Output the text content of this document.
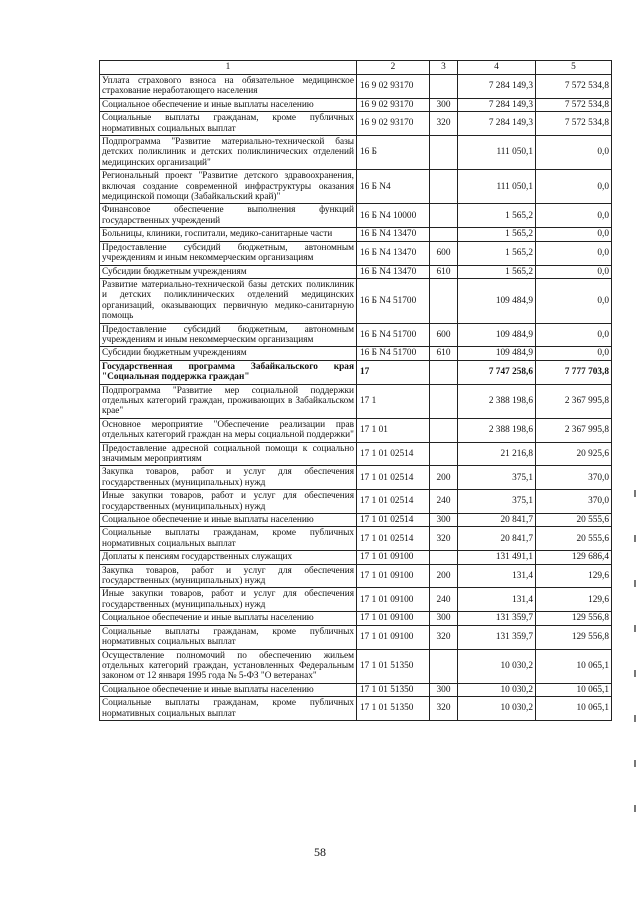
1	2	3	4	5
Уплата страхового взноса на обязательное медицинское страхование неработающего населения	16 9 02 93170		7 284 149,3	7 572 534,8
Социальное обеспечение и иные выплаты населению	16 9 02 93170	300	7 284 149,3	7 572 534,8
Социальные выплаты гражданам, кроме публичных нормативных социальных выплат	16 9 02 93170	320	7 284 149,3	7 572 534,8
Подпрограмма "Развитие материально-технической базы детских поликлиник и детских поликлинических отделений медицинских организаций"	16 Б		111 050,1	0,0
Региональный проект "Развитие детского здравоохранения, включая создание современной инфраструктуры оказания медицинской помощи (Забайкальский край)"	16 Б N4		111 050,1	0,0
Финансовое обеспечение выполнения функций государственных учреждений	16 Б N4 10000		1 565,2	0,0
Больницы, клиники, госпитали, медико-санитарные части	16 Б N4 13470		1 565,2	0,0
Предоставление субсидий бюджетным, автономным учреждениям и иным некоммерческим организациям	16 Б N4 13470	600	1 565,2	0,0
Субсидии бюджетным учреждениям	16 Б N4 13470	610	1 565,2	0,0
Развитие материально-технической базы детских поликлиник и детских поликлинических отделений медицинских организаций, оказывающих первичную медико-санитарную помощь	16 Б N4 51700		109 484,9	0,0
Предоставление субсидий бюджетным, автономным учреждениям и иным некоммерческим организациям	16 Б N4 51700	600	109 484,9	0,0
Субсидии бюджетным учреждениям	16 Б N4 51700	610	109 484,9	0,0
Государственная программа Забайкальского края "Социальная поддержка граждан"	17		7 747 258,6	7 777 703,8
Подпрограмма "Развитие мер социальной поддержки отдельных категорий граждан, проживающих в Забайкальском крае"	17 1		2 388 198,6	2 367 995,8
Основное мероприятие "Обеспечение реализации прав отдельных категорий граждан на меры социальной поддержки"	17 1 01		2 388 198,6	2 367 995,8
Предоставление адресной социальной помощи к социально значимым мероприятиям	17 1 01 02514		21 216,8	20 925,6
Закупка товаров, работ и услуг для обеспечения государственных (муниципальных) нужд	17 1 01 02514	200	375,1	370,0
Иные закупки товаров, работ и услуг для обеспечения государственных (муниципальных) нужд	17 1 01 02514	240	375,1	370,0
Социальное обеспечение и иные выплаты населению	17 1 01 02514	300	20 841,7	20 555,6
Социальные выплаты гражданам, кроме публичных нормативных социальных выплат	17 1 01 02514	320	20 841,7	20 555,6
Доплаты к пенсиям государственных служащих	17 1 01 09100		131 491,1	129 686,4
Закупка товаров, работ и услуг для обеспечения государственных (муниципальных) нужд	17 1 01 09100	200	131,4	129,6
Иные закупки товаров, работ и услуг для обеспечения государственных (муниципальных) нужд	17 1 01 09100	240	131,4	129,6
Социальное обеспечение и иные выплаты населению	17 1 01 09100	300	131 359,7	129 556,8
Социальные выплаты гражданам, кроме публичных нормативных социальных выплат	17 1 01 09100	320	131 359,7	129 556,8
Осуществление полномочий по обеспечению жильем отдельных категорий граждан, установленных Федеральным законом от 12 января 1995 года № 5-ФЗ "О ветеранах"	17 1 01 51350		10 030,2	10 065,1
Социальное обеспечение и иные выплаты населению	17 1 01 51350	300	10 030,2	10 065,1
Социальные выплаты гражданам, кроме публичных нормативных социальных выплат	17 1 01 51350	320	10 030,2	10 065,1
58
